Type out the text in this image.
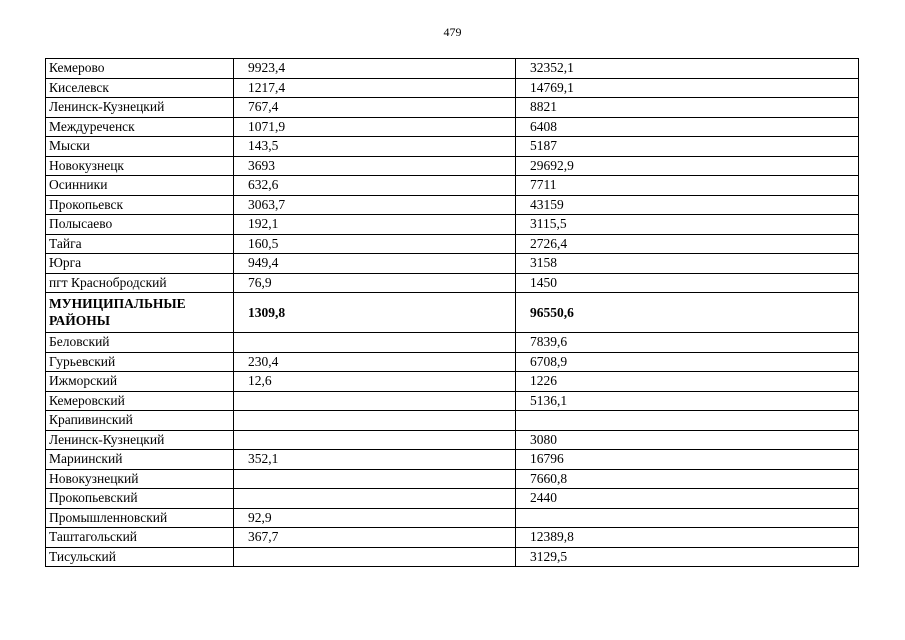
479
Кемерово	9923,4	32352,1
Киселевск	1217,4	14769,1
Ленинск-Кузнецкий	767,4	8821
Междуреченск	1071,9	6408
Мыски	143,5	5187
Новокузнецк	3693	29692,9
Осинники	632,6	7711
Прокопьевск	3063,7	43159
Полысаево	192,1	3115,5
Тайга	160,5	2726,4
Юрга	949,4	3158
пгт Краснобродский	76,9	1450
МУНИЦИПАЛЬНЫЕ РАЙОНЫ	1309,8	96550,6
Беловский		7839,6
Гурьевский	230,4	6708,9
Ижморский	12,6	1226
Кемеровский		5136,1
Крапивинский		
Ленинск-Кузнецкий		3080
Мариинский	352,1	16796
Новокузнецкий		7660,8
Прокопьевский		2440
Промышленновский	92,9	
Таштагольский	367,7	12389,8
Тисульский		3129,5
